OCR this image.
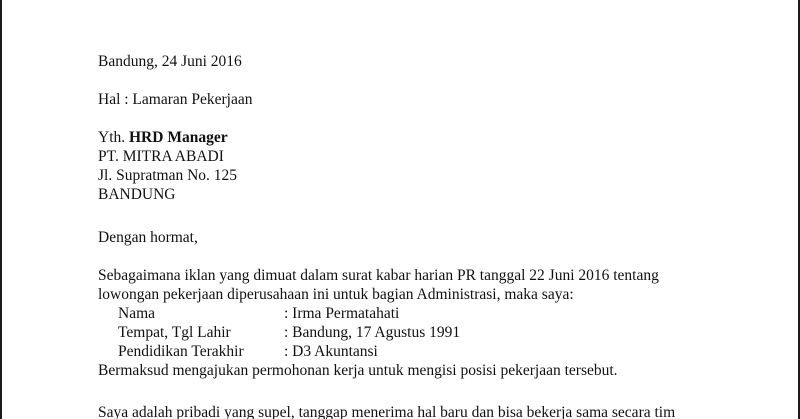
Bandung, 24 Juni 2016
Hal : Lamaran Pekerjaan
Yth. HRD Manager
PT. MITRA ABADI
Jl. Supratman No. 125
BANDUNG
Dengan hormat,
Sebagaimana iklan yang dimuat dalam surat kabar harian PR tanggal 22 Juni 2016 tentang
lowongan pekerjaan diperusahaan ini untuk bagian Administrasi, maka saya:
Nama	: Irma Permatahati
Tempat, Tgl Lahir	: Bandung, 17 Agustus 1991
Pendidikan Terakhir	: D3 Akuntansi
Bermaksud mengajukan permohonan kerja untuk mengisi posisi pekerjaan tersebut.
Saya adalah pribadi yang supel, tanggap menerima hal baru dan bisa bekerja sama secara tim
